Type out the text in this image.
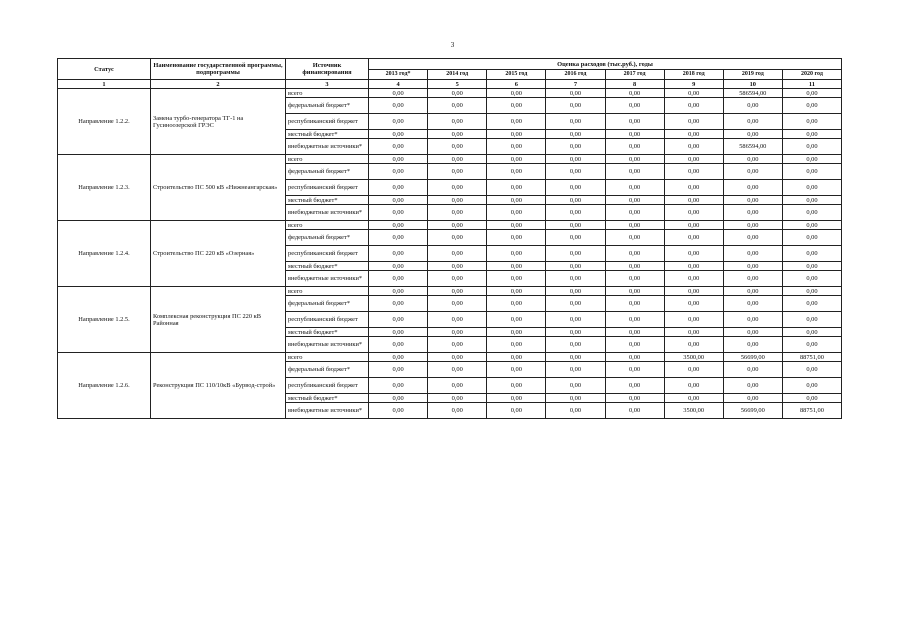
3
Статус	Наименование государственной программы, подпрограммы	Источник финансирования	Оценка расходов (тыс.руб.), годы							
			2013 год*	2014 год	2015 год	2016 год	2017 год	2018 год	2019 год	2020 год
1	2	3	4	5	6	7	8	9	10	11
Направление 1.2.2.	Замена турбо-генератора ТГ-1 на Гусиноозерской ГРЭС	всего	0,00	0,00	0,00	0,00	0,00	0,00	586594,00	0,00
		федеральный бюджет*	0,00	0,00	0,00	0,00	0,00	0,00	0,00	0,00
		республиканский бюджет	0,00	0,00	0,00	0,00	0,00	0,00	0,00	0,00
		местный бюджет*	0,00	0,00	0,00	0,00	0,00	0,00	0,00	0,00
		внебюджетные источники*	0,00	0,00	0,00	0,00	0,00	0,00	586594,00	0,00
Направление 1.2.3.	Строительство ПС 500 кВ «Нижнеангарская»	всего	0,00	0,00	0,00	0,00	0,00	0,00	0,00	0,00
		федеральный бюджет*	0,00	0,00	0,00	0,00	0,00	0,00	0,00	0,00
		республиканский бюджет	0,00	0,00	0,00	0,00	0,00	0,00	0,00	0,00
		местный бюджет*	0,00	0,00	0,00	0,00	0,00	0,00	0,00	0,00
		внебюджетные источники*	0,00	0,00	0,00	0,00	0,00	0,00	0,00	0,00
Направление 1.2.4.	Строительство ПС 220 кВ «Озерная»	всего	0,00	0,00	0,00	0,00	0,00	0,00	0,00	0,00
		федеральный бюджет*	0,00	0,00	0,00	0,00	0,00	0,00	0,00	0,00
		республиканский бюджет	0,00	0,00	0,00	0,00	0,00	0,00	0,00	0,00
		местный бюджет*	0,00	0,00	0,00	0,00	0,00	0,00	0,00	0,00
		внебюджетные источники*	0,00	0,00	0,00	0,00	0,00	0,00	0,00	0,00
Направление 1.2.5.	Комплексная реконструкция ПС 220 кВ Районная	всего	0,00	0,00	0,00	0,00	0,00	0,00	0,00	0,00
		федеральный бюджет*	0,00	0,00	0,00	0,00	0,00	0,00	0,00	0,00
		республиканский бюджет	0,00	0,00	0,00	0,00	0,00	0,00	0,00	0,00
		местный бюджет*	0,00	0,00	0,00	0,00	0,00	0,00	0,00	0,00
		внебюджетные источники*	0,00	0,00	0,00	0,00	0,00	0,00	0,00	0,00
Направление 1.2.6.	Реконструкция ПС 110/10кВ «Бурвод-строй»	всего	0,00	0,00	0,00	0,00	0,00	3500,00	56699,00	88751,00
		федеральный бюджет*	0,00	0,00	0,00	0,00	0,00	0,00	0,00	0,00
		республиканский бюджет	0,00	0,00	0,00	0,00	0,00	0,00	0,00	0,00
		местный бюджет*	0,00	0,00	0,00	0,00	0,00	0,00	0,00	0,00
		внебюджетные источники*	0,00	0,00	0,00	0,00	0,00	3500,00	56699,00	88751,00
